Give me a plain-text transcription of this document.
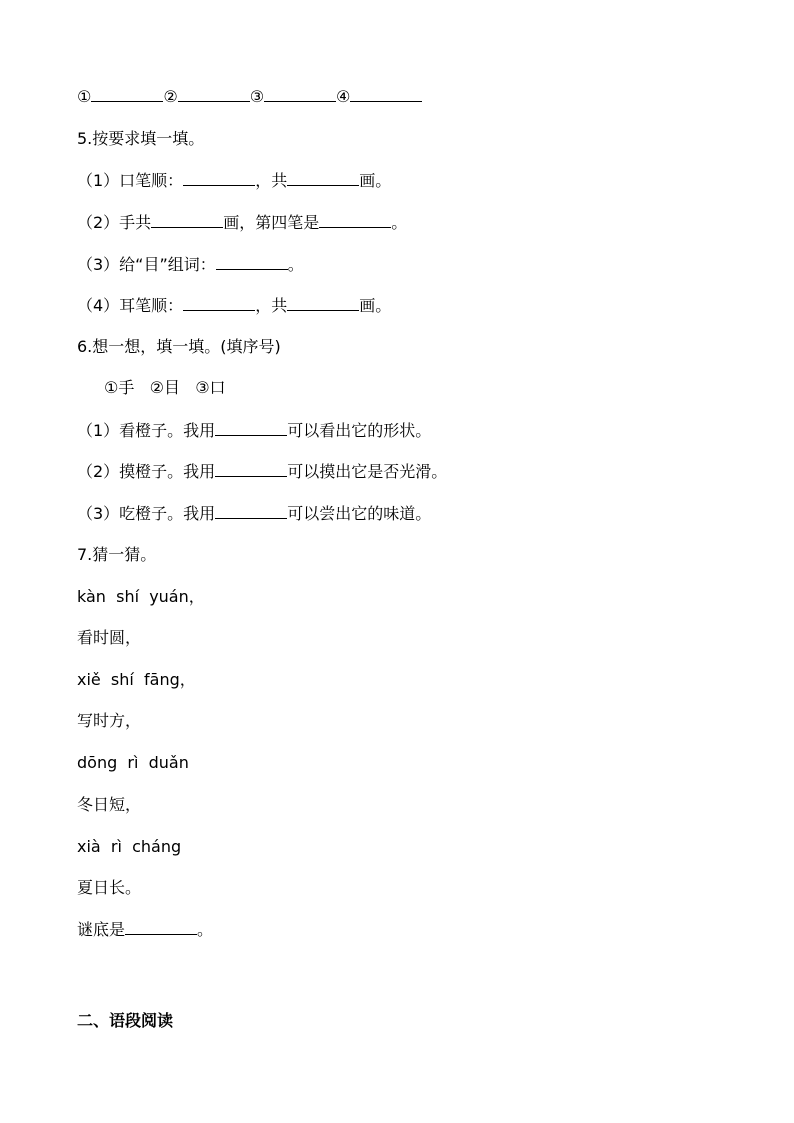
①	②	③	④
5.按要求填一填。
（1）口笔顺：	，共	画。
（2）手共	画，第四笔是	。
（3）给“目”组词：	。
（4）耳笔顺：	，共	画。
6.想一想，填一填。(填序号)
①手   ②目   ③口
（1）看橙子。我用	可以看出它的形状。
（2）摸橙子。我用	可以摸出它是否光滑。
（3）吃橙子。我用	可以尝出它的味道。
7.猜一猜。
kàn  shí  yuán，
看时圆，
xiě  shí  fāng，
写时方，
dōng  rì  duǎn
冬日短，
xià  rì  cháng
夏日长。
谜底是	。
二、语段阅读
